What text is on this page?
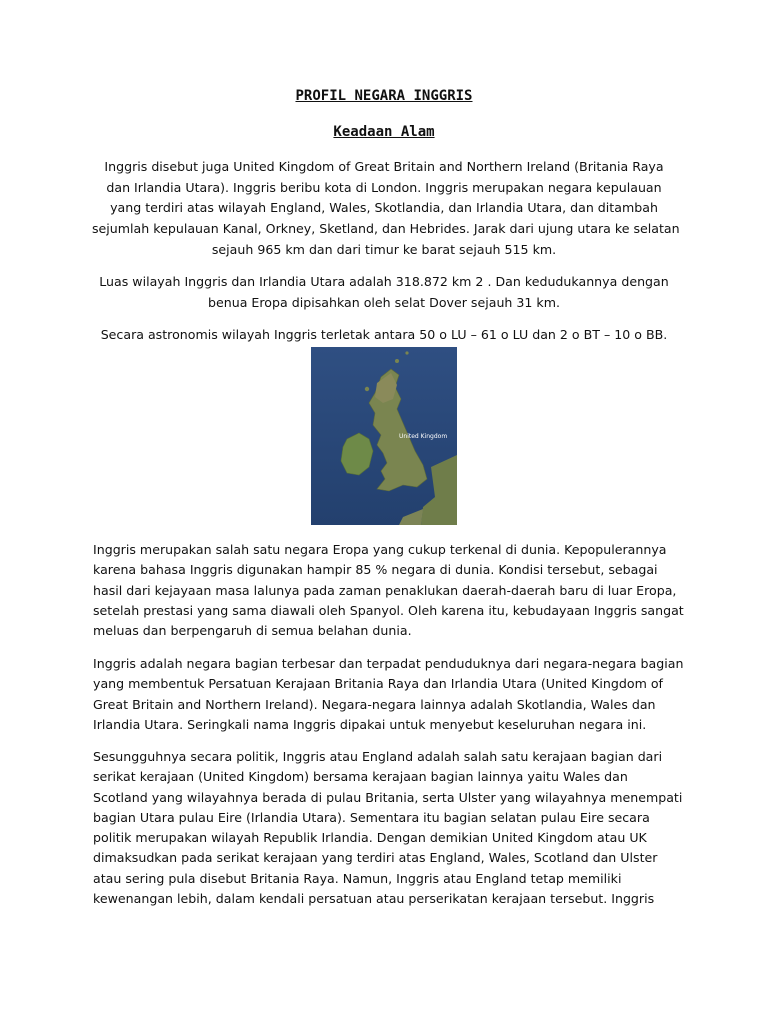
PROFIL NEGARA INGGRIS
Keadaan Alam
Inggris disebut juga United Kingdom of Great Britain and Northern Ireland (Britania Raya
dan Irlandia Utara). Inggris beribu kota di London. Inggris merupakan negara kepulauan
yang terdiri atas wilayah England, Wales, Skotlandia, dan Irlandia Utara, dan ditambah
sejumlah kepulauan Kanal, Orkney, Sketland, dan Hebrides. Jarak dari ujung utara ke selatan
sejauh 965 km dan dari timur ke barat sejauh 515 km.
Luas wilayah Inggris dan Irlandia Utara adalah 318.872 km 2 . Dan kedudukannya dengan
benua Eropa dipisahkan oleh selat Dover sejauh 31 km.
Secara astronomis wilayah Inggris terletak antara 50 o LU – 61 o LU dan 2 o BT – 10 o BB.
United Kingdom
Inggris merupakan salah satu negara Eropa yang cukup terkenal di dunia. Kepopulerannya
karena bahasa Inggris digunakan hampir 85 % negara di dunia. Kondisi tersebut, sebagai
hasil dari kejayaan masa lalunya pada zaman penaklukan daerah-daerah baru di luar Eropa,
setelah prestasi yang sama diawali oleh Spanyol. Oleh karena itu, kebudayaan Inggris sangat
meluas dan berpengaruh di semua belahan dunia.
Inggris adalah negara bagian terbesar dan terpadat penduduknya dari negara-negara bagian
yang membentuk Persatuan Kerajaan Britania Raya dan Irlandia Utara (United Kingdom of
Great Britain and Northern Ireland). Negara-negara lainnya adalah Skotlandia, Wales dan
Irlandia Utara. Seringkali nama Inggris dipakai untuk menyebut keseluruhan negara ini.
Sesungguhnya secara politik, Inggris atau England adalah salah satu kerajaan bagian dari
serikat kerajaan (United Kingdom) bersama kerajaan bagian lainnya yaitu Wales dan
Scotland yang wilayahnya berada di pulau Britania, serta Ulster yang wilayahnya menempati
bagian Utara pulau Eire (Irlandia Utara). Sementara itu bagian selatan pulau Eire secara
politik merupakan wilayah Republik Irlandia. Dengan demikian United Kingdom atau UK
dimaksudkan pada serikat kerajaan yang terdiri atas England, Wales, Scotland dan Ulster
atau sering pula disebut Britania Raya. Namun, Inggris atau England tetap memiliki
kewenangan lebih, dalam kendali persatuan atau perserikatan kerajaan tersebut. Inggris
